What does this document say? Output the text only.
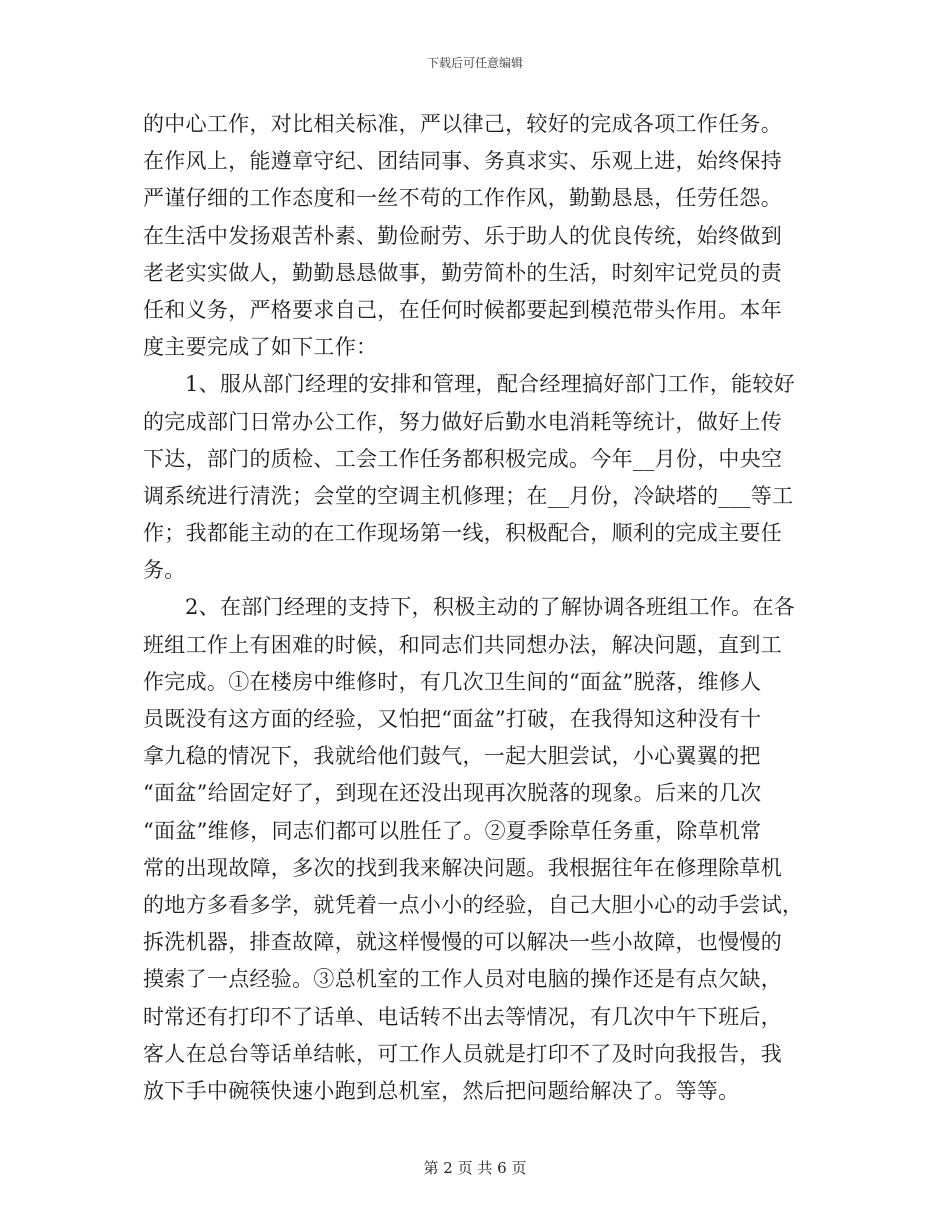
下载后可任意编辑
的中心工作，对比相关标准，严以律己，较好的完成各项工作任务。
在作风上，能遵章守纪、团结同事、务真求实、乐观上进，始终保持
严谨仔细的工作态度和一丝不苟的工作作风，勤勤恳恳，任劳任怨。
在生活中发扬艰苦朴素、勤俭耐劳、乐于助人的优良传统，始终做到
老老实实做人，勤勤恳恳做事，勤劳简朴的生活，时刻牢记党员的责
任和义务，严格要求自己，在任何时候都要起到模范带头作用。本年
度主要完成了如下工作：
1、服从部门经理的安排和管理，配合经理搞好部门工作，能较好
的完成部门日常办公工作，努力做好后勤水电消耗等统计，做好上传
下达，部门的质检、工会工作任务都积极完成。今年__月份，中央空
调系统进行清洗；会堂的空调主机修理；在__月份，冷缺塔的___等工
作；我都能主动的在工作现场第一线，积极配合，顺利的完成主要任
务。
2、在部门经理的支持下，积极主动的了解协调各班组工作。在各
班组工作上有困难的时候，和同志们共同想办法，解决问题，直到工
作完成。①在楼房中维修时，有几次卫生间的“面盆”脱落，维修人
员既没有这方面的经验，又怕把“面盆”打破，在我得知这种没有十
拿九稳的情况下，我就给他们鼓气，一起大胆尝试，小心翼翼的把
“面盆”给固定好了，到现在还没出现再次脱落的现象。后来的几次
“面盆”维修，同志们都可以胜任了。②夏季除草任务重，除草机常
常的出现故障，多次的找到我来解决问题。我根据往年在修理除草机
的地方多看多学，就凭着一点小小的经验，自己大胆小心的动手尝试，
拆洗机器，排查故障，就这样慢慢的可以解决一些小故障，也慢慢的
摸索了一点经验。③总机室的工作人员对电脑的操作还是有点欠缺，
时常还有打印不了话单、电话转不出去等情况，有几次中午下班后，
客人在总台等话单结帐，可工作人员就是打印不了及时向我报告，我
放下手中碗筷快速小跑到总机室，然后把问题给解决了。等等。
第 2 页 共 6 页
